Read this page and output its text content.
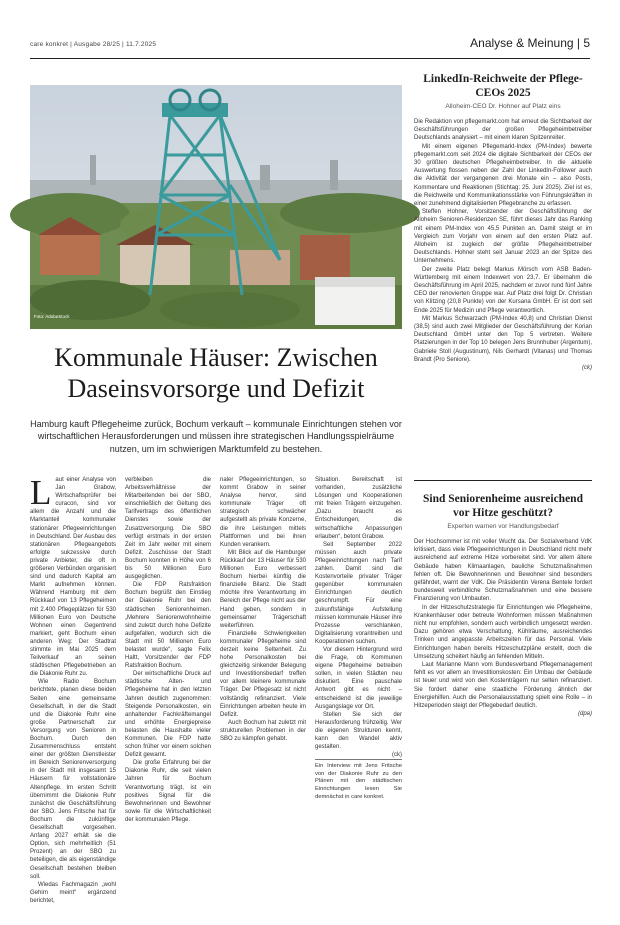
care konkret | Ausgabe 28/25 | 11.7.2025	Analyse & Meinung | 5
Foto: AdobeStock
Kommunale Häuser: Zwischen Daseinsvorsorge und Defizit

Hamburg kauft Pflegeheime zurück, Bochum verkauft – kommunale Einrichtungen stehen vor wirtschaftlichen Herausforderungen und müssen ihre strategischen Handlungsspielräume nutzen, um im schwierigen Marktumfeld zu bestehen.

L aut einer Analyse von Jan Grabow, Wirtschaftsprüfer bei curacon, sind vor allem die Anzahl und die Marktanteil kommunaler stationärer Pflegeeinrichtungen in Deutschland. Der Ausbau des stationären Pflegeangebots erfolgte sukzessive durch private Anbieter, die oft in größeren Verbünden organisiert sind und dadurch Kapital am Markt aufnehmen können. Während Hamburg mit dem Rückkauf von 13 Pflegeheimen mit 2.400 Pflegeplätzen für 530 Millionen Euro von Deutsche Wohnen einen Gegentrend markiert, geht Bochum einen anderen Weg: Der Stadtrat stimmte im Mai 2025 dem Teilverkauf an seinen städtischen Pflegebetrieben an die Diakonie Ruhr zu.

Wie Radio Bochum berichtete, planen diese beiden Seiten eine gemeinsame Gesellschaft, in der die Stadt und die Diakonie Ruhr eine große Partnerschaft zur Versorgung von Senioren in Bochum. Durch den Zusammenschluss entsteht einer der größten Dienstleister im Bereich Seniorenversorgung in der Stadt mit insgesamt 15 Häusern für vollstationäre Altenpflege. Im ersten Schritt übernimmt die Diakonie Ruhr zunächst die Geschäftsführung der SBO. Jens Fritsche hat für Bochum die zukünftige Gesellschaft vorgesehen. Anfang 2027 erhält sie die Option, sich mehrheitlich (51 Prozent) an der SBO zu beteiligen, die als eigenständige Gesellschaft bestehen bleiben soll.

Wiedas Fachmagazin „wohl Gehirn meint“ ergänzend berichtet,

verbleiben die Arbeitsverhältnisse der Mitarbeitenden bei der SBO, einschließlich der Geltung des Tarifvertrags des öffentlichen Dienstes sowie der Zusatzversorgung. Die SBO verfügt erstmals in der ersten Zeit im Jahr weiter mit einem Defizit. Zuschüsse der Stadt Bochum konnten in Höhe von 6 bis 50 Millionen Euro ausgeglichen.

Die FDP Ratsfraktion Bochum begrüßt den Einstieg der Diakonie Ruhr bei den städtischen Seniorenheimen. „Mehrere Seniorenwohnheime sind zuletzt durch hohe Defizite aufgefallen, wodurch sich die Stadt mit 50 Millionen Euro belastet wurde“, sagte Felix Haltt, Vorsitzender der FDP Ratsfraktion Bochum.

Der wirtschaftliche Druck auf städtische Alten- und Pflegeheime hat in den letzten Jahren deutlich zugenommen: Steigende Personalkosten, ein anhaltender Fachkräftemangel und erhöhte Energiepreise belasten die Haushalte vieler Kommunen. Die FDP hatte schon früher vor einem solchen Defizit gewarnt.

Die große Erfahrung bei der Diakonie Ruhr, die seit vielen Jahren für Bochum Verantwortung trägt, ist ein positives Signal für die Bewohnerinnen und Bewohner sowie für die Wirtschaftlichkeit der kommunalen Pflege.

naler Pflegeeinrichtungen, so kommt Grabow in seiner Analyse hervor, sind kommunale Träger oft strategisch schwächer aufgestellt als private Konzerne, die ihre Leistungen mittels Plattformen und bei ihren Kunden verankern.

Mit Blick auf die Hamburger Rückkauf der 13 Häuser für 530 Millionen Euro verbessert Bochum hierbei künftig die finanzielle Bilanz. Die Stadt möchte ihre Verantwortung im Bereich der Pflege nicht aus der Hand geben, sondern in gemeinsamer Trägerschaft weiterführen.

Finanzielle Schwierigkeiten kommunaler Pflegeheime sind derzeit keine Seltenheit. Zu hohe Personalkosten bei gleichzeitig sinkender Belegung und Investitionsbedarf treffen vor allem kleinere kommunale Träger. Der Pflegesatz ist nicht vollständig refinanziert. Viele Einrichtungen arbeiten heute im Defizit.

Auch Bochum hat zuletzt mit strukturellen Problemen in der SBO zu kämpfen gehabt.

LinkedIn-Reichweite der Pflege-CEOs 2025

Alloheim-CEO Dr. Hohner auf Platz eins

Die Redaktion von pflegemarkt.com hat erneut die Sichtbarkeit der Geschäftsführungen der großen Pflegeheimbetreiber Deutschlands analysiert – mit einem klaren Spitzenreiter.

Mit einem eigenen Pflegemarkt-Index (PM-Index) bewerte pflegemarkt.com seit 2024 die digitale Sichtbarkeit der CEOs der 30 größten deutschen Pflegeheimbetreiber. In die aktuelle Auswertung flossen neben der Zahl der LinkedIn-Follower auch die Aktivität der vergangenen drei Monate ein – also Posts, Kommentare und Reaktionen (Stichtag: 25. Juni 2025). Ziel ist es, die Reichweite und Kommunikationsstärke von Führungskräften in einer zunehmend digitalisierten Pflegebranche zu erfassen.

Steffen Hohner, Vorsitzender der Geschäftsführung der Alloheim Senioren-Residenzen SE, führt dieses Jahr das Ranking mit einem PM-Index von 45,5 Punkten an. Damit steigt er im Vergleich zum Vorjahr von einem auf den ersten Platz auf. Alloheim ist zugleich der größte Pflegeheimbetreiber Deutschlands. Hohner steht seit Januar 2023 an der Spitze des Unternehmens.

Der zweite Platz belegt Markus Mörsch vom ASB Baden-Württemberg mit einem Indexwert von 23,7. Er übernahm die Geschäftsführung im April 2025, nachdem er zuvor rund fünf Jahre CEO der renovierten Gruppe war. Auf Platz drei folgt Dr. Christian von Klitzing (20,8 Punkte) von der Kursana GmbH. Er ist dort seit Ende 2025 für Medizin und Pflege verantwortlich.

Mit Markus Schwarzach (PM-Index 40,8) und Christian Dienst (38,5) sind auch zwei Mitglieder der Geschäftsführung der Korian Deutschland GmbH unter den Top 5 vertreten. Weitere Platzierungen in der Top 10 belegen Jens Brunnhuber (Argentum), Gabriele Stoll (Augustinum), Nils Gerhardt (Vitanas) und Thomas Brandt (Pro Seniore).

(ck)

Sind Seniorenheime ausreichend vor Hitze geschützt?

Experten warnen vor Handlungsbedarf

Der Hochsommer ist mit voller Wucht da. Der Sozialverband VdK kritisiert, dass viele Pflegeeinrichtungen in Deutschland nicht mehr ausreichend auf extreme Hitze vorbereitet sind. Vor allem ältere Gebäude haben Klimaanlagen, bauliche Schutzmaßnahmen fehlen oft. Die Bewohnerinnen und Bewohner sind besonders gefährdet, warnt der VdK. Die Präsidentin Verena Bentele fordert bundesweit verbindliche Schutzmaßnahmen und eine bessere Finanzierung von Umbauten.

In der Hitzeschutzstrategie für Einrichtungen wie Pflegeheime, Krankenhäuser oder betreute Wohnformen müssen Maßnahmen nicht nur empfohlen, sondern auch verbindlich umgesetzt werden. Dazu gehören etwa Verschattung, Kühlräume, ausreichendes Trinken und angepasste Arbeitszeiten für das Personal. Viele Einrichtungen haben bereits Hitzeschutzpläne erstellt, doch die Umsetzung scheitert häufig an fehlenden Mitteln.

Laut Marianne Mann vom Bundesverband Pflegemanagement fehlt es vor allem an Investitionskosten: Ein Umbau der Gebäude ist teuer und wird von den Kostenträgern nur selten refinanziert. Sie fordert daher eine staatliche Förderung ähnlich der Energiehilfen. Auch die Personalausstattung spielt eine Rolle – in Hitzeperioden steigt der Pflegebedarf deutlich.

(dpa)

Situation. Bereitschaft ist vorhanden, zusätzliche Lösungen und Kooperationen mit freien Trägern einzugehen. „Dazu braucht es Entscheidungen, die wirtschaftliche Anpassungen erlauben“, betont Grabow.

Seit September 2022 müssen auch private Pflegeeinrichtungen nach Tarif zahlen. Damit sind die Kostenvorteile privater Träger gegenüber kommunalen Einrichtungen deutlich geschrumpft. Für eine zukunftsfähige Aufstellung müssen kommunale Häuser ihre Prozesse verschlanken, Digitalisierung vorantreiben und Kooperationen suchen.

Vor diesem Hintergrund wird die Frage, ob Kommunen eigene Pflegeheime betreiben sollen, in vielen Städten neu diskutiert. Eine pauschale Antwort gibt es nicht – entscheidend ist die jeweilige Ausgangslage vor Ort.

Stellen Sie sich der Herausforderung frühzeitig. Wer die eigenen Strukturen kennt, kann den Wandel aktiv gestalten.

(ck)

Ein Interview mit Jens Fritsche von der Diakonie Ruhr zu den Plänen mit den städtischen Einrichtungen lesen Sie demnächst in care konkret.
